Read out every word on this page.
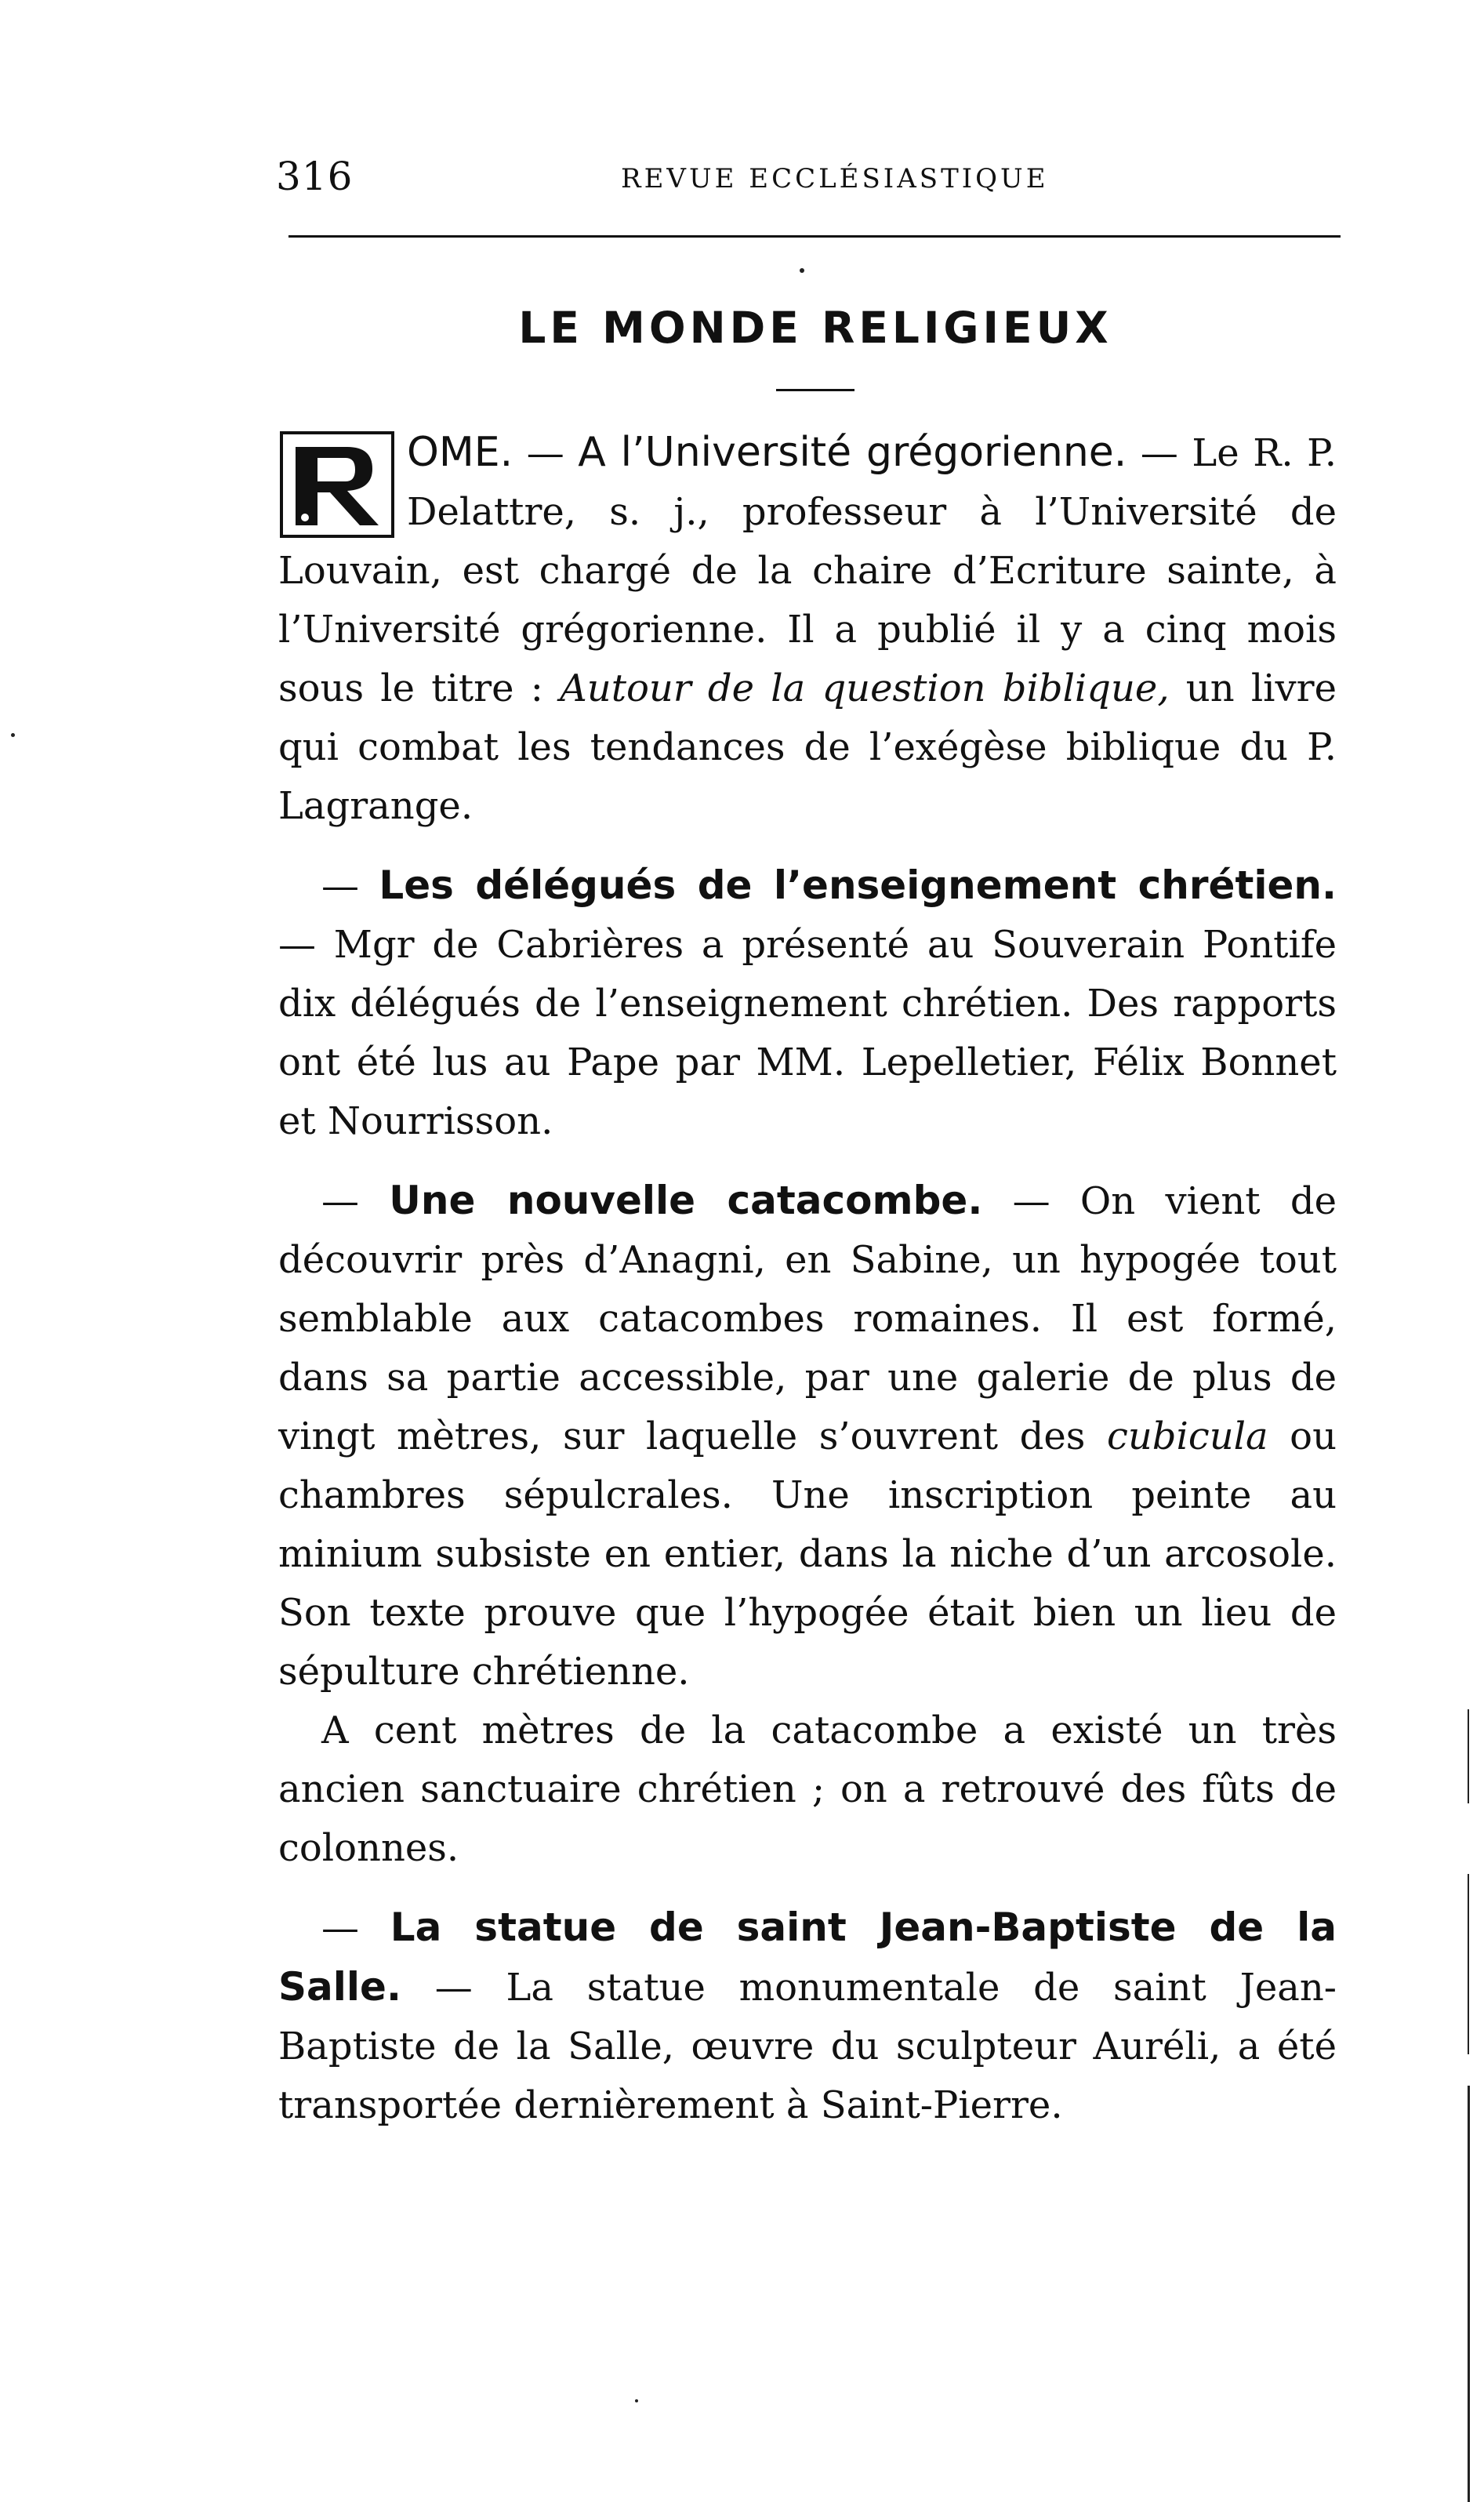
316	REVUE ECCLÉSIASTIQUE
LE MONDE RELIGIEUX

OME. — A l’Université grégorienne. — Le R. P. Delattre, s. j., professeur à l’Université de Louvain, est chargé de la chaire d’Ecriture sainte, à l’Université grégorienne. Il a publié il y a cinq mois sous le titre : Autour de la question biblique, un livre qui combat les tendances de l’exégèse biblique du P. Lagrange.

— Les délégués de l’enseignement chrétien. — Mgr de Cabrières a présenté au Souverain Pontife dix délégués de l’enseignement chrétien. Des rapports ont été lus au Pape par MM. Lepelletier, Félix Bonnet et Nourrisson.

— Une nouvelle catacombe. — On vient de découvrir près d’Anagni, en Sabine, un hypogée tout semblable aux catacombes romaines. Il est formé, dans sa partie accessible, par une galerie de plus de vingt mètres, sur laquelle s’ouvrent des cubicula ou chambres sépulcrales. Une inscription peinte au minium subsiste en entier, dans la niche d’un arcosole. Son texte prouve que l’hypogée était bien un lieu de sépulture chrétienne.

A cent mètres de la catacombe a existé un très ancien sanctuaire chrétien ; on a retrouvé des fûts de colonnes.

— La statue de saint Jean-Baptiste de la Salle. — La statue monumentale de saint Jean-Baptiste de la Salle, œuvre du sculpteur Auréli, a été transportée dernièrement à Saint-Pierre.
